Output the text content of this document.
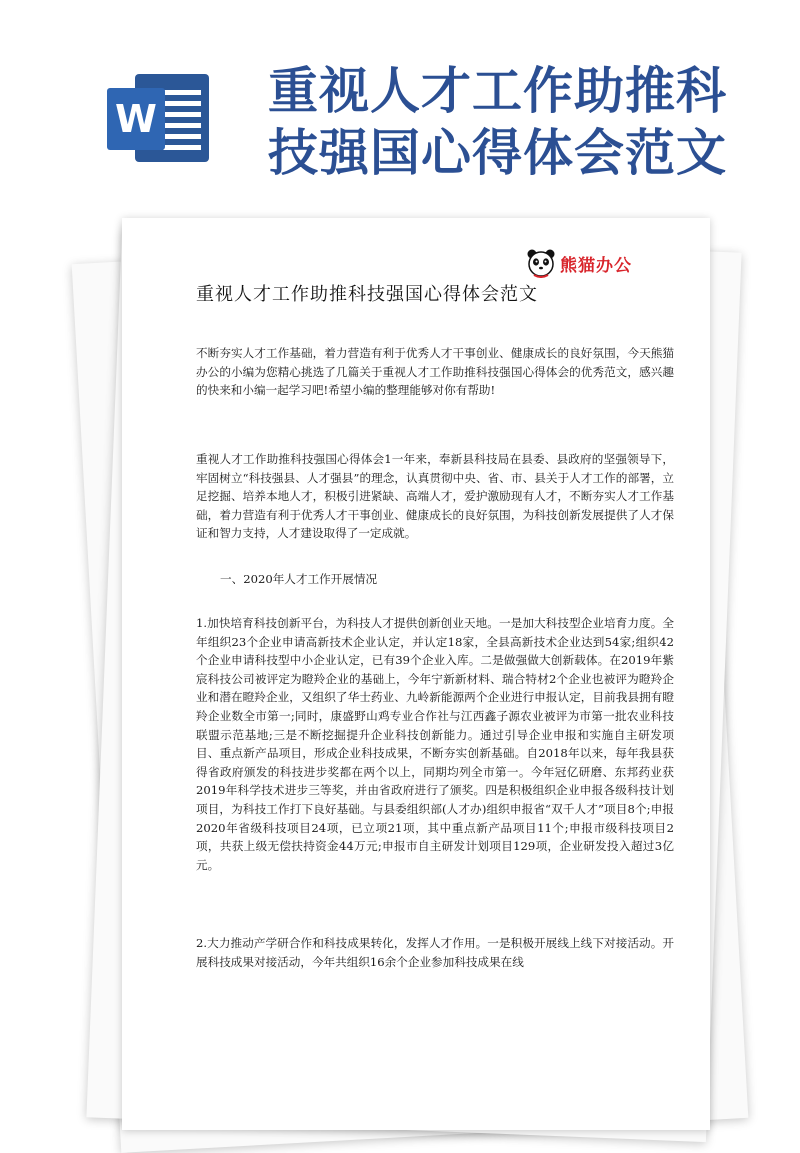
W 重视人才工作助推科技强国心得体会范文
熊猫办公
重视人才工作助推科技强国心得体会范文

不断夯实人才工作基础，着力营造有利于优秀人才干事创业、健康成长的良好氛围，今天熊猫办公的小编为您精心挑选了几篇关于重视人才工作助推科技强国心得体会的优秀范文，感兴趣的快来和小编一起学习吧!希望小编的整理能够对你有帮助!

重视人才工作助推科技强国心得体会1一年来，奉新县科技局在县委、县政府的坚强领导下，牢固树立“科技强县、人才强县”的理念，认真贯彻中央、省、市、县关于人才工作的部署，立足挖掘、培养本地人才，积极引进紧缺、高端人才，爱护激励现有人才，不断夯实人才工作基础，着力营造有利于优秀人才干事创业、健康成长的良好氛围，为科技创新发展提供了人才保证和智力支持，人才建设取得了一定成就。

一、2020年人才工作开展情况

1.加快培育科技创新平台，为科技人才提供创新创业天地。一是加大科技型企业培育力度。全年组织23个企业申请高新技术企业认定，并认定18家，全县高新技术企业达到54家;组织42个企业申请科技型中小企业认定，已有39个企业入库。二是做强做大创新载体。在2019年紫宸科技公司被评定为瞪羚企业的基础上，今年宁新新材料、瑞合特材2个企业也被评为瞪羚企业和潜在瞪羚企业，又组织了华士药业、九岭新能源两个企业进行申报认定，目前我县拥有瞪羚企业数全市第一;同时，康盛野山鸡专业合作社与江西鑫子源农业被评为市第一批农业科技联盟示范基地;三是不断挖掘提升企业科技创新能力。通过引导企业申报和实施自主研发项目、重点新产品项目，形成企业科技成果，不断夯实创新基础。自2018年以来，每年我县获得省政府颁发的科技进步奖都在两个以上，同期均列全市第一。今年冠亿研磨、东邦药业获2019年科学技术进步三等奖，并由省政府进行了颁奖。四是积极组织企业申报各级科技计划项目，为科技工作打下良好基础。与县委组织部(人才办)组织申报省“双千人才”项目8个;申报2020年省级科技项目24项，已立项21项，其中重点新产品项目11个;申报市级科技项目2项，共获上级无偿扶持资金44万元;申报市自主研发计划项目129项，企业研发投入超过3亿元。

2.大力推动产学研合作和科技成果转化，发挥人才作用。一是积极开展线上线下对接活动。开展科技成果对接活动，今年共组织16余个企业参加科技成果在线
